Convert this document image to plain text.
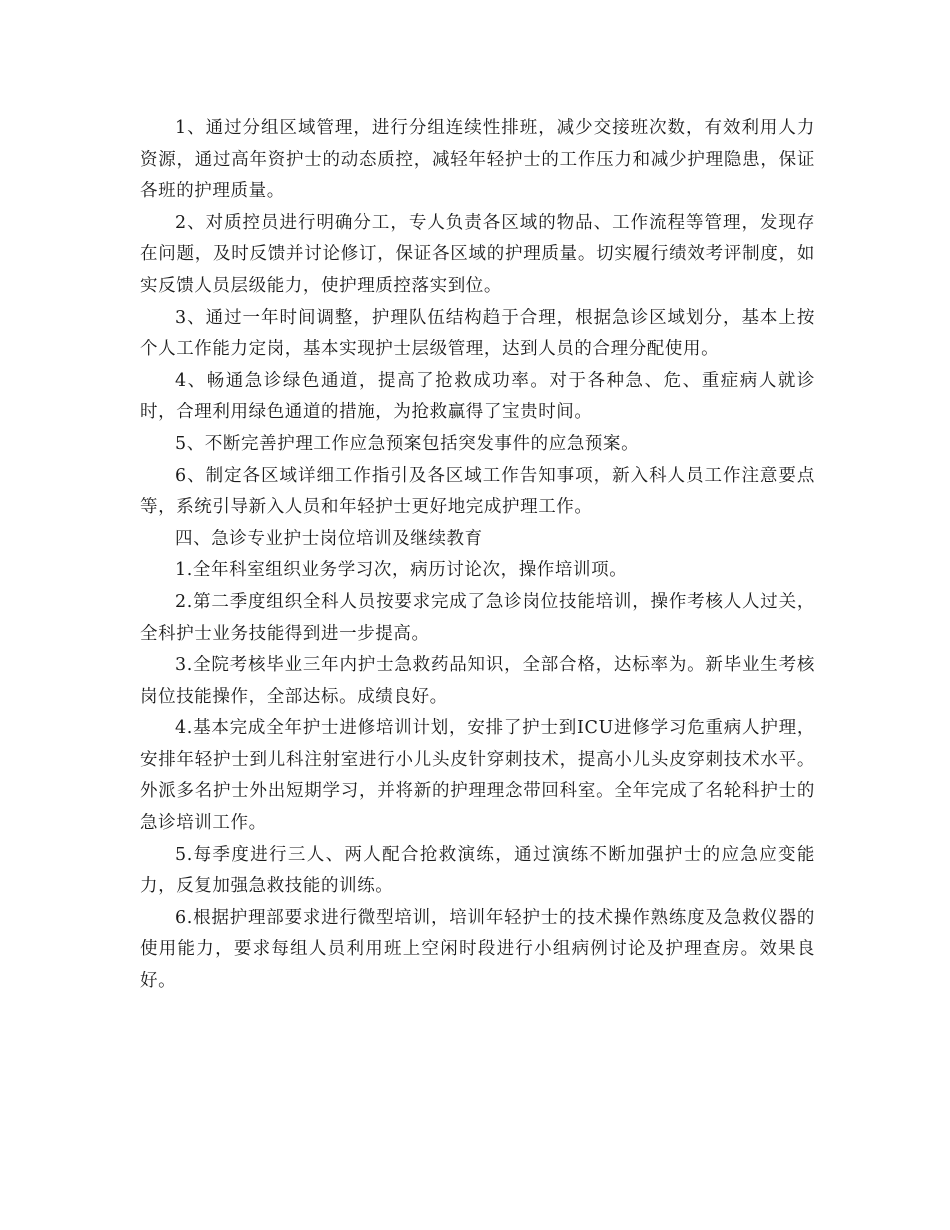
1、通过分组区域管理，进行分组连续性排班，减少交接班次数，有效利用人力资源，通过高年资护士的动态质控，减轻年轻护士的工作压力和减少护理隐患，保证各班的护理质量。

2、对质控员进行明确分工，专人负责各区域的物品、工作流程等管理，发现存在问题，及时反馈并讨论修订，保证各区域的护理质量。切实履行绩效考评制度，如实反馈人员层级能力，使护理质控落实到位。

3、通过一年时间调整，护理队伍结构趋于合理，根据急诊区域划分，基本上按个人工作能力定岗，基本实现护士层级管理，达到人员的合理分配使用。

4、畅通急诊绿色通道，提高了抢救成功率。对于各种急、危、重症病人就诊时，合理利用绿色通道的措施，为抢救赢得了宝贵时间。

5、不断完善护理工作应急预案包括突发事件的应急预案。

6、制定各区域详细工作指引及各区域工作告知事项，新入科人员工作注意要点等，系统引导新入人员和年轻护士更好地完成护理工作。

四、急诊专业护士岗位培训及继续教育

1.全年科室组织业务学习次，病历讨论次，操作培训项。

2.第二季度组织全科人员按要求完成了急诊岗位技能培训，操作考核人人过关，全科护士业务技能得到进一步提高。

3.全院考核毕业三年内护士急救药品知识，全部合格，达标率为。新毕业生考核岗位技能操作，全部达标。成绩良好。

4.基本完成全年护士进修培训计划，安排了护士到ICU进修学习危重病人护理，安排年轻护士到儿科注射室进行小儿头皮针穿刺技术，提高小儿头皮穿刺技术水平。外派多名护士外出短期学习，并将新的护理理念带回科室。全年完成了名轮科护士的急诊培训工作。

5.每季度进行三人、两人配合抢救演练，通过演练不断加强护士的应急应变能力，反复加强急救技能的训练。

6.根据护理部要求进行微型培训，培训年轻护士的技术操作熟练度及急救仪器的使用能力，要求每组人员利用班上空闲时段进行小组病例讨论及护理查房。效果良好。
